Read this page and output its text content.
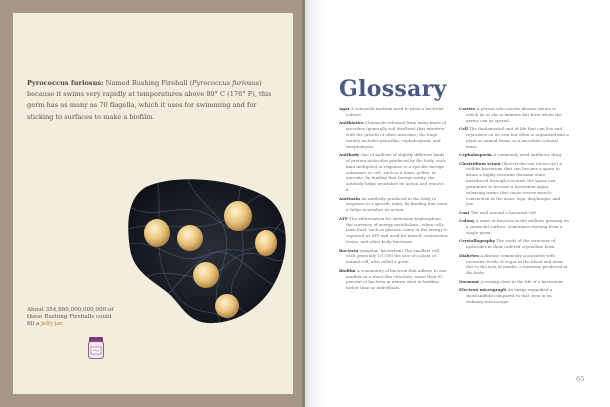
Pyrococcus furiosus: Named Rushing Fireball (Pyrococcus furiosus) because it swims very rapidly at temperatures above 80° C (176° F), this germ has as many as 70 flagella, which it uses for swimming and for sticking to surfaces to make a biofilm.

About 354,880,000,000,000 of these Rushing Fireballs could fill a jelly jar.

Glossary

Agar A semisolid medium used to grow a bacterial culture.

Antibiotics Chemicals released from many kinds of microbes (generally soil dwellers) that interfere with the growth of other microbes; the huge variety includes penicillin, cephalosporin, and streptomycin.

Antibody One of millions of slightly different kinds of protein molecules produced by the body, each kind multiplied in response to a specific foreign substance or cell, such as a toxin, pollen, or microbe; by binding that foreign entity, the antibody helps neutralize its action and remove it.

Antitoxin An antibody produced in the body in response to a specific toxin, by binding that toxin, it helps neutralize its action.

ATP The abbreviation for adenosine triphosphate, the currency of energy metabolism—when cells burn food, such as glucose, some of the energy is captured as ATP and used for muscle contraction, vision, and other body functions.

Bacteria (singular: bacterium) The smallest cell, each generally 1/1,000 the size of a plant or animal cell; also called a germ.

Biofilm A community of bacteria that adhere to one another in a sheet-like structure; more than 90 percent of bacteria in nature exist in biofilms rather than as individuals.

Carrier A person who carries disease germs to which he or she is immune but from whom the germs can be spread.

Cell The fundamental unit of life that can live and reproduce on its own but often is organized into a plant or animal tissue or a microbial colonial mass.

Cephalosporin A commonly used antibiotic drug.

Clostridium tetani (klos-tri-dee-um tet-an-eye) A rodlike bacterium that can become a spore to attain a highly resistant dormant state; introduced through a wound, the spore can germinate to become a bacterium again, releasing toxins that cause severe muscle contraction in the arms, legs, diaphragm, and jaw.

Coat The wall around a bacterial cell.

Colony A mass of bacteria in the millions growing on a semisolid surface, sometimes starting from a single germ.

Crystallography The study of the structure of molecules in their ordered crystalline form.

Diabetes A disease commonly associated with excessive levels of sugar in the blood and urine due to the lack of insulin, a hormone produced in the body.

Dormant A resting state in the life of a bacterium.

Electron micrograph An image magnified a thousandfold compared to that seen in an ordinary microscope.

65
